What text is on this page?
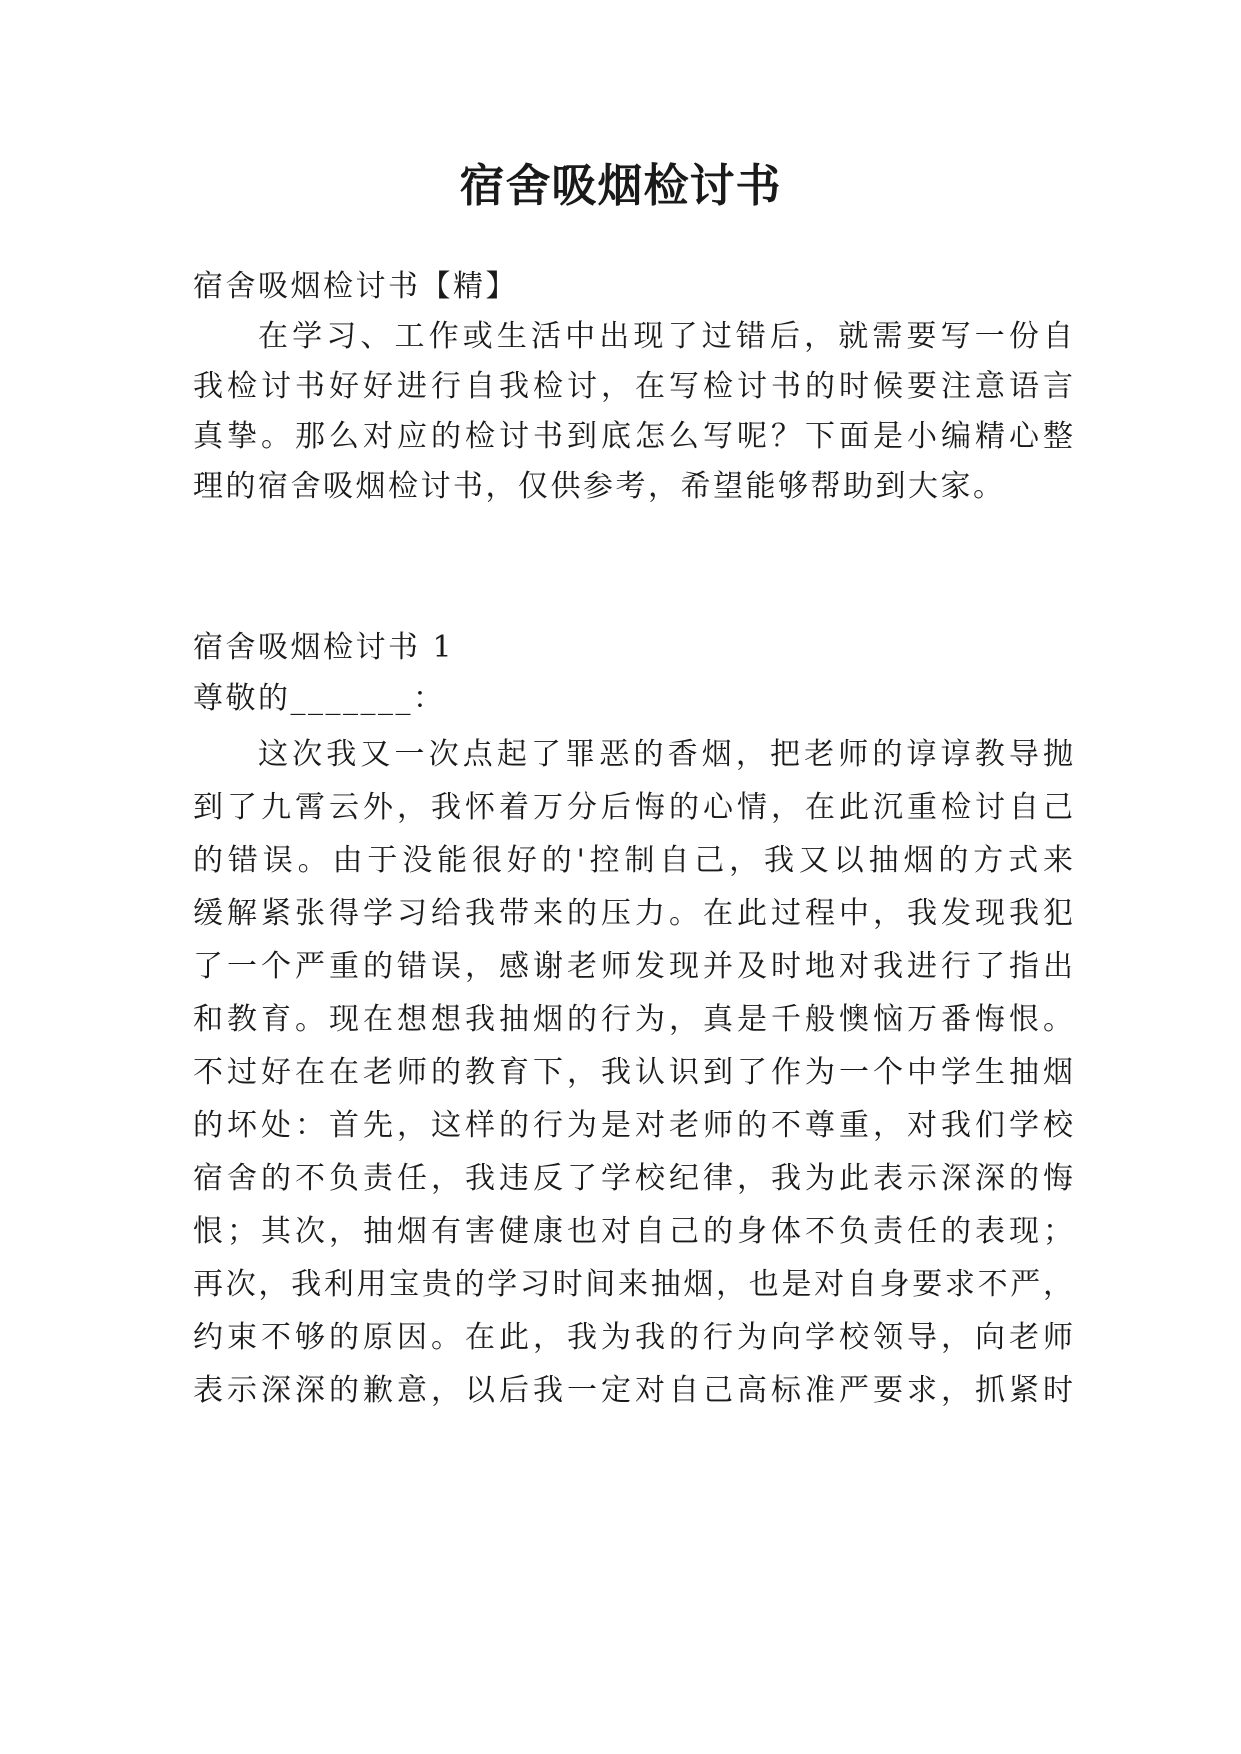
宿舍吸烟检讨书
宿舍吸烟检讨书【精】
在学习、工作或生活中出现了过错后，就需要写一份自
我检讨书好好进行自我检讨，在写检讨书的时候要注意语言
真挚。那么对应的检讨书到底怎么写呢？下面是小编精心整
理的宿舍吸烟检讨书，仅供参考，希望能够帮助到大家。
宿舍吸烟检讨书 1
尊敬的_______：
这次我又一次点起了罪恶的香烟，把老师的谆谆教导抛
到了九霄云外，我怀着万分后悔的心情，在此沉重检讨自己
的错误。由于没能很好的'控制自己，我又以抽烟的方式来
缓解紧张得学习给我带来的压力。在此过程中，我发现我犯
了一个严重的错误，感谢老师发现并及时地对我进行了指出
和教育。现在想想我抽烟的行为，真是千般懊恼万番悔恨。
不过好在在老师的教育下，我认识到了作为一个中学生抽烟
的坏处：首先，这样的行为是对老师的不尊重，对我们学校
宿舍的不负责任，我违反了学校纪律，我为此表示深深的悔
恨；其次，抽烟有害健康也对自己的身体不负责任的表现；
再次，我利用宝贵的学习时间来抽烟，也是对自身要求不严，
约束不够的原因。在此，我为我的行为向学校领导，向老师
表示深深的歉意，以后我一定对自己高标准严要求，抓紧时
